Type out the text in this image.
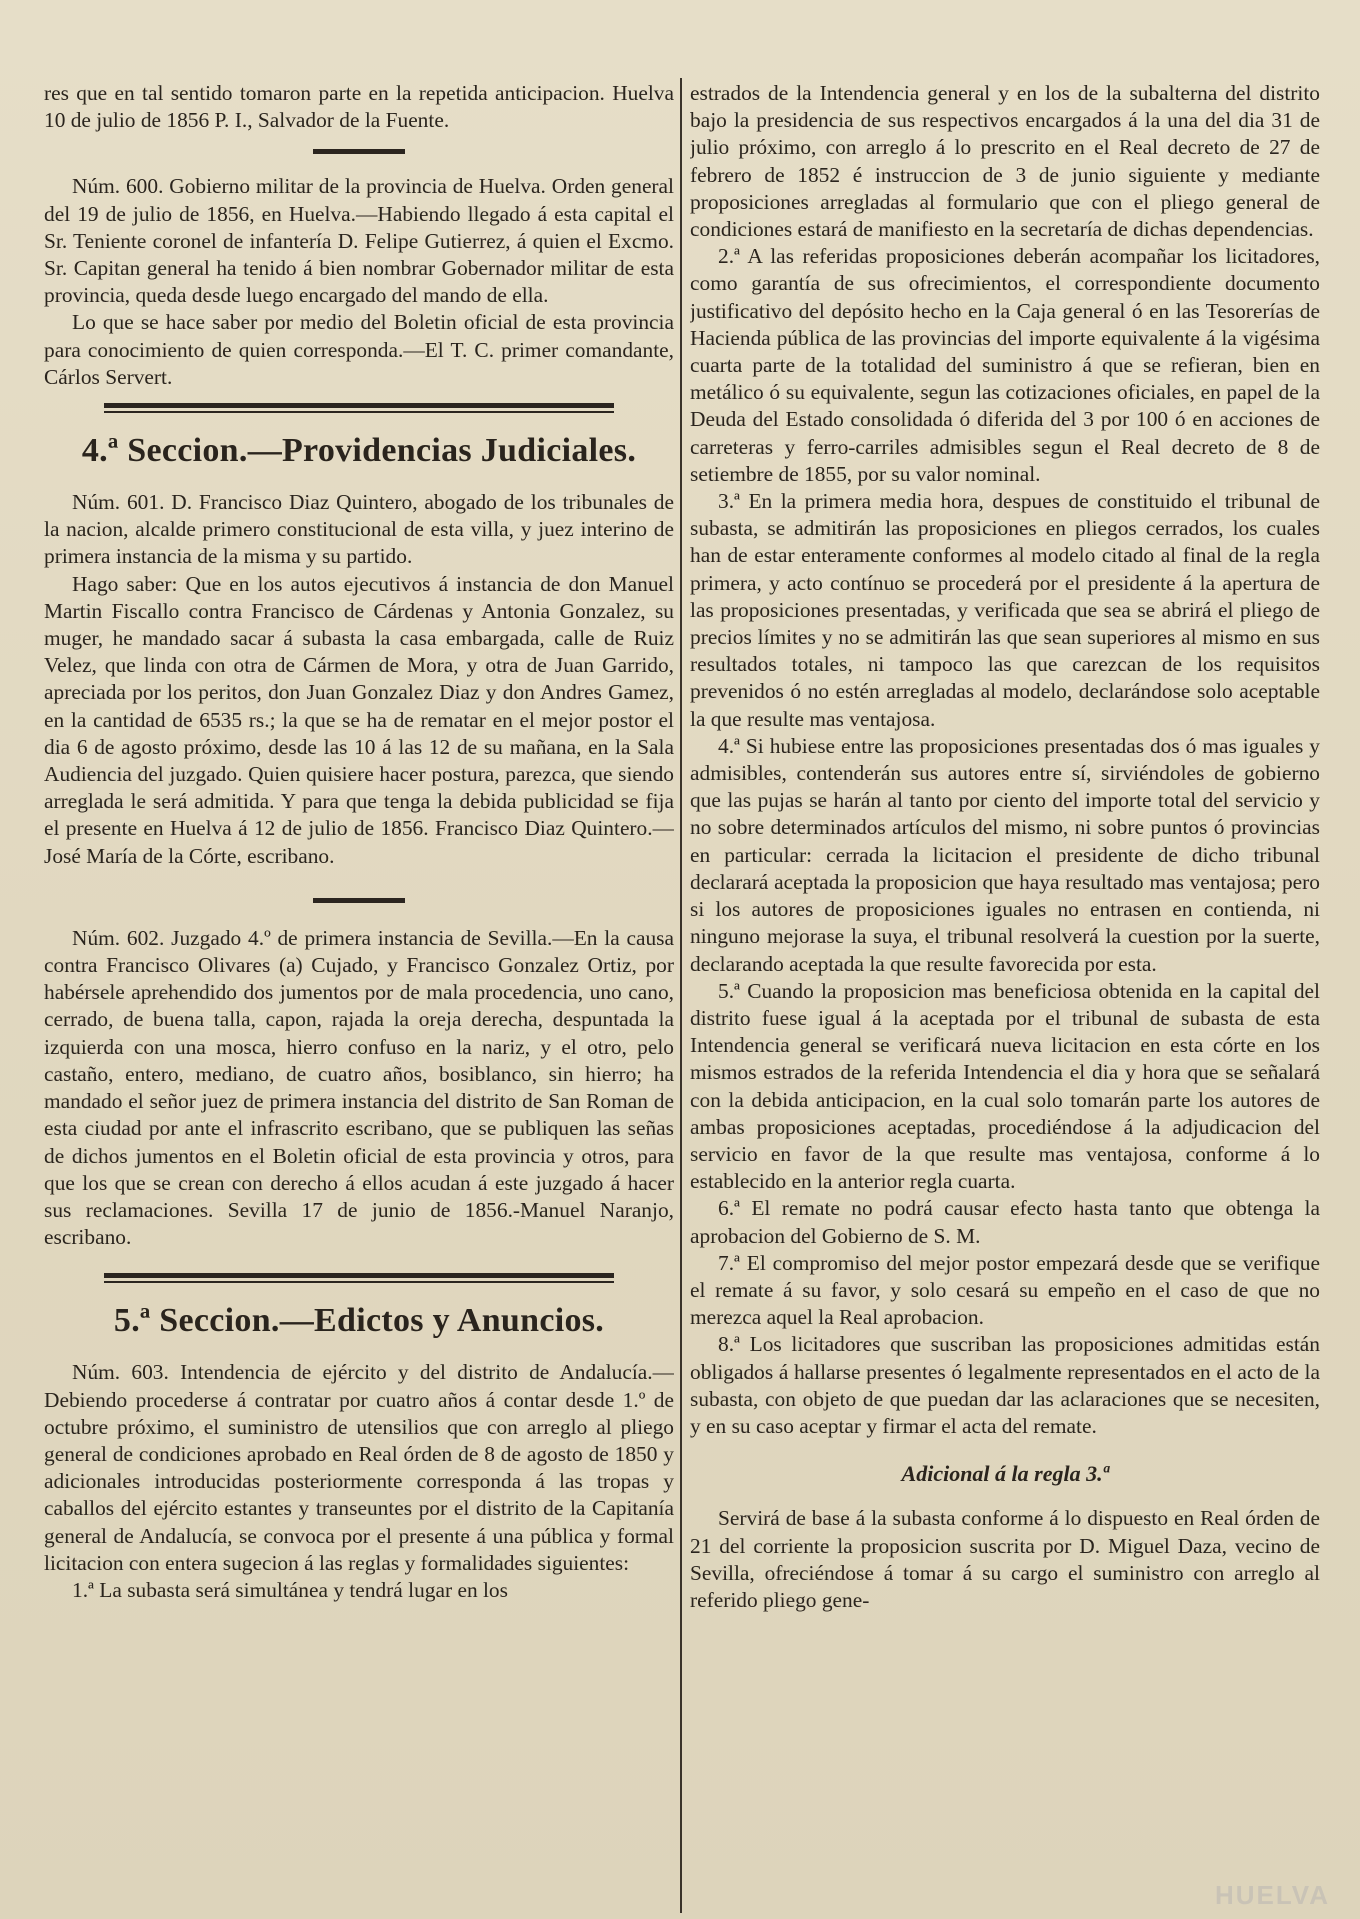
res que en tal sentido tomaron parte en la repetida anticipacion. Huelva 10 de julio de 1856 P. I., Salvador de la Fuente.

Núm. 600. Gobierno militar de la provincia de Huelva. Orden general del 19 de julio de 1856, en Huelva.—Habiendo llegado á esta capital el Sr. Teniente coronel de infantería D. Felipe Gutierrez, á quien el Excmo. Sr. Capitan general ha tenido á bien nombrar Gobernador militar de esta provincia, queda desde luego encargado del mando de ella.

Lo que se hace saber por medio del Boletin oficial de esta provincia para conocimiento de quien corresponda.—El T. C. primer comandante, Cárlos Servert.

4.ª Seccion.—Providencias Judiciales.

Núm. 601. D. Francisco Diaz Quintero, abogado de los tribunales de la nacion, alcalde primero constitucional de esta villa, y juez interino de primera instancia de la misma y su partido.

Hago saber: Que en los autos ejecutivos á instancia de don Manuel Martin Fiscallo contra Francisco de Cárdenas y Antonia Gonzalez, su muger, he mandado sacar á subasta la casa embargada, calle de Ruiz Velez, que linda con otra de Cármen de Mora, y otra de Juan Garrido, apreciada por los peritos, don Juan Gonzalez Diaz y don Andres Gamez, en la cantidad de 6535 rs.; la que se ha de rematar en el mejor postor el dia 6 de agosto próximo, desde las 10 á las 12 de su mañana, en la Sala Audiencia del juzgado. Quien quisiere hacer postura, parezca, que siendo arreglada le será admitida. Y para que tenga la debida publicidad se fija el presente en Huelva á 12 de julio de 1856. Francisco Diaz Quintero.—José María de la Córte, escribano.

Núm. 602. Juzgado 4.º de primera instancia de Sevilla.—En la causa contra Francisco Olivares (a) Cujado, y Francisco Gonzalez Ortiz, por habérsele aprehendido dos jumentos por de mala procedencia, uno cano, cerrado, de buena talla, capon, rajada la oreja derecha, despuntada la izquierda con una mosca, hierro confuso en la nariz, y el otro, pelo castaño, entero, mediano, de cuatro años, bosiblanco, sin hierro; ha mandado el señor juez de primera instancia del distrito de San Roman de esta ciudad por ante el infrascrito escribano, que se publiquen las señas de dichos jumentos en el Boletin oficial de esta provincia y otros, para que los que se crean con derecho á ellos acudan á este juzgado á hacer sus reclamaciones. Sevilla 17 de junio de 1856.-Manuel Naranjo, escribano.

5.ª Seccion.—Edictos y Anuncios.

Núm. 603. Intendencia de ejército y del distrito de Andalucía.—Debiendo procederse á contratar por cuatro años á contar desde 1.º de octubre próximo, el suministro de utensilios que con arreglo al pliego general de condiciones aprobado en Real órden de 8 de agosto de 1850 y adicionales introducidas posteriormente corresponda á las tropas y caballos del ejército estantes y transeuntes por el distrito de la Capitanía general de Andalucía, se convoca por el presente á una pública y formal licitacion con entera sugecion á las reglas y formalidades siguientes:

1.ª La subasta será simultánea y tendrá lugar en los

estrados de la Intendencia general y en los de la subalterna del distrito bajo la presidencia de sus respectivos encargados á la una del dia 31 de julio próximo, con arreglo á lo prescrito en el Real decreto de 27 de febrero de 1852 é instruccion de 3 de junio siguiente y mediante proposiciones arregladas al formulario que con el pliego general de condiciones estará de manifiesto en la secretaría de dichas dependencias.

2.ª A las referidas proposiciones deberán acompañar los licitadores, como garantía de sus ofrecimientos, el correspondiente documento justificativo del depósito hecho en la Caja general ó en las Tesorerías de Hacienda pública de las provincias del importe equivalente á la vigésima cuarta parte de la totalidad del suministro á que se refieran, bien en metálico ó su equivalente, segun las cotizaciones oficiales, en papel de la Deuda del Estado consolidada ó diferida del 3 por 100 ó en acciones de carreteras y ferro-carriles admisibles segun el Real decreto de 8 de setiembre de 1855, por su valor nominal.

3.ª En la primera media hora, despues de constituido el tribunal de subasta, se admitirán las proposiciones en pliegos cerrados, los cuales han de estar enteramente conformes al modelo citado al final de la regla primera, y acto contínuo se procederá por el presidente á la apertura de las proposiciones presentadas, y verificada que sea se abrirá el pliego de precios límites y no se admitirán las que sean superiores al mismo en sus resultados totales, ni tampoco las que carezcan de los requisitos prevenidos ó no estén arregladas al modelo, declarándose solo aceptable la que resulte mas ventajosa.

4.ª Si hubiese entre las proposiciones presentadas dos ó mas iguales y admisibles, contenderán sus autores entre sí, sirviéndoles de gobierno que las pujas se harán al tanto por ciento del importe total del servicio y no sobre determinados artículos del mismo, ni sobre puntos ó provincias en particular: cerrada la licitacion el presidente de dicho tribunal declarará aceptada la proposicion que haya resultado mas ventajosa; pero si los autores de proposiciones iguales no entrasen en contienda, ni ninguno mejorase la suya, el tribunal resolverá la cuestion por la suerte, declarando aceptada la que resulte favorecida por esta.

5.ª Cuando la proposicion mas beneficiosa obtenida en la capital del distrito fuese igual á la aceptada por el tribunal de subasta de esta Intendencia general se verificará nueva licitacion en esta córte en los mismos estrados de la referida Intendencia el dia y hora que se señalará con la debida anticipacion, en la cual solo tomarán parte los autores de ambas proposiciones aceptadas, procediéndose á la adjudicacion del servicio en favor de la que resulte mas ventajosa, conforme á lo establecido en la anterior regla cuarta.

6.ª El remate no podrá causar efecto hasta tanto que obtenga la aprobacion del Gobierno de S. M.

7.ª El compromiso del mejor postor empezará desde que se verifique el remate á su favor, y solo cesará su empeño en el caso de que no merezca aquel la Real aprobacion.

8.ª Los licitadores que suscriban las proposiciones admitidas están obligados á hallarse presentes ó legalmente representados en el acto de la subasta, con objeto de que puedan dar las aclaraciones que se necesiten, y en su caso aceptar y firmar el acta del remate.

Adicional á la regla 3.ª

Servirá de base á la subasta conforme á lo dispuesto en Real órden de 21 del corriente la proposicion suscrita por D. Miguel Daza, vecino de Sevilla, ofreciéndose á tomar á su cargo el suministro con arreglo al referido pliego gene-

HUELVA
